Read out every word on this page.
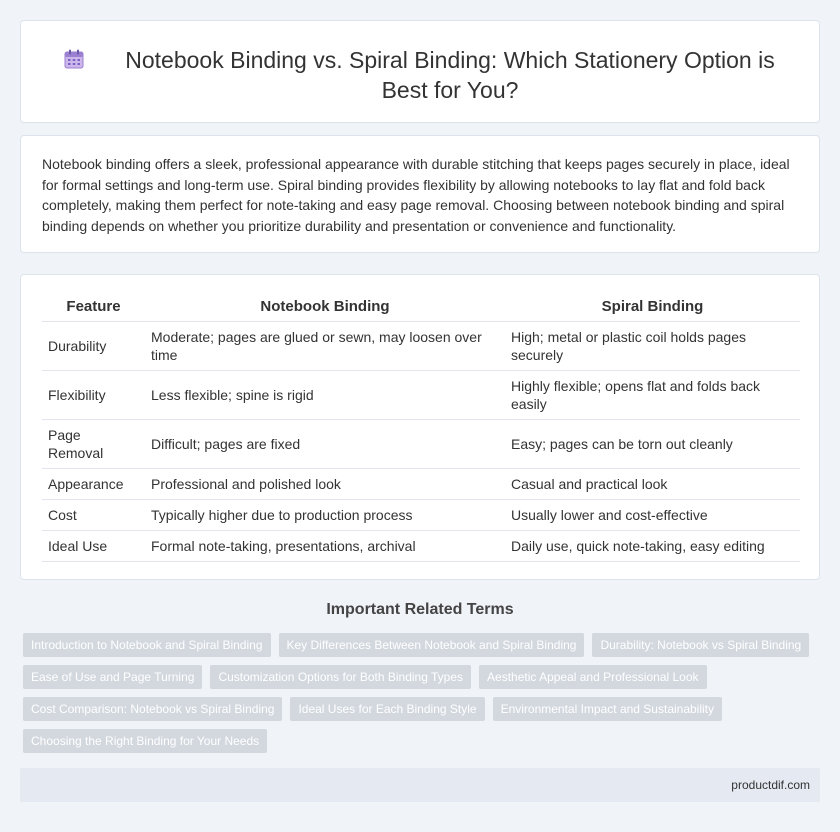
Notebook Binding vs. Spiral Binding: Which Stationery Option is Best for You?

Notebook binding offers a sleek, professional appearance with durable stitching that keeps pages securely in place, ideal for formal settings and long-term use. Spiral binding provides flexibility by allowing notebooks to lay flat and fold back completely, making them perfect for note-taking and easy page removal. Choosing between notebook binding and spiral binding depends on whether you prioritize durability and presentation or convenience and functionality.

Feature	Notebook Binding	Spiral Binding
Durability	Moderate; pages are glued or sewn, may loosen over time	High; metal or plastic coil holds pages securely
Flexibility	Less flexible; spine is rigid	Highly flexible; opens flat and folds back easily
Page Removal	Difficult; pages are fixed	Easy; pages can be torn out cleanly
Appearance	Professional and polished look	Casual and practical look
Cost	Typically higher due to production process	Usually lower and cost-effective
Ideal Use	Formal note-taking, presentations, archival	Daily use, quick note-taking, easy editing
Important Related Terms
Introduction to Notebook and Spiral Binding	Key Differences Between Notebook and Spiral Binding	Durability: Notebook vs Spiral Binding
Ease of Use and Page Turning	Customization Options for Both Binding Types	Aesthetic Appeal and Professional Look
Cost Comparison: Notebook vs Spiral Binding	Ideal Uses for Each Binding Style	Environmental Impact and Sustainability
Choosing the Right Binding for Your Needs
productdif.com
